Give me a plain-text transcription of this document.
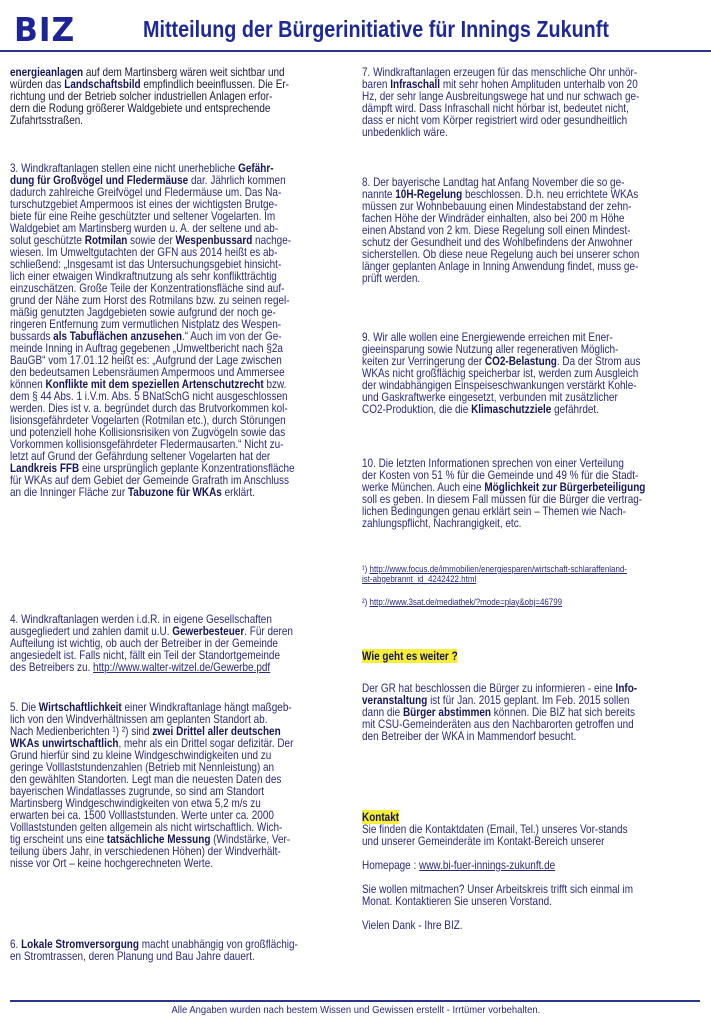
BIZ	Mitteilung der Bürgerinitiative für Innings Zukunft
energieanlagen auf dem Martinsberg wären weit sichtbar und
würden das Landschaftsbild empfindlich beeinflussen. Die Er-
richtung und der Betrieb solcher industriellen Anlagen erfor-
dern die Rodung größerer Waldgebiete und entsprechende
Zufahrtsstraßen.
3. Windkraftanlagen stellen eine nicht unerhebliche Gefähr-
dung für Großvögel und Fledermäuse dar. Jährlich kommen
dadurch zahlreiche Greifvögel und Fledermäuse um. Das Na-
turschutzgebiet Ampermoos ist eines der wichtigsten Brutge-
biete für eine Reihe geschützter und seltener Vogelarten. Im
Waldgebiet am Martinsberg wurden u. A. der seltene und ab-
solut geschützte Rotmilan sowie der Wespenbussard nachge-
wiesen. Im Umweltgutachten der GFN aus 2014 heißt es ab-
schließend: „Insgesamt ist das Untersuchungsgebiet hinsicht-
lich einer etwaigen Windkraftnutzung als sehr konfliktträchtig
einzuschätzen. Große Teile der Konzentrationsfläche sind auf-
grund der Nähe zum Horst des Rotmilans bzw. zu seinen regel-
mäßig genutzten Jagdgebieten sowie aufgrund der noch ge-
ringeren Entfernung zum vermutlichen Nistplatz des Wespen-
bussards als Tabuflächen anzusehen.“ Auch im von der Ge-
meinde Inning in Auftrag gegebenen „Umweltbericht nach §2a
BauGB“ vom 17.01.12 heißt es: „Aufgrund der Lage zwischen
den bedeutsamen Lebensräumen Ampermoos und Ammersee
können Konflikte mit dem speziellen Artenschutzrecht bzw.
dem § 44 Abs. 1 i.V.m. Abs. 5 BNatSchG nicht ausgeschlossen
werden. Dies ist v. a. begründet durch das Brutvorkommen kol-
lisionsgefährdeter Vogelarten (Rotmilan etc.), durch Störungen
und potenziell hohe Kollisionsrisiken von Zugvögeln sowie das
Vorkommen kollisionsgefährdeter Fledermausarten.“ Nicht zu-
letzt auf Grund der Gefährdung seltener Vogelarten hat der
Landkreis FFB eine ursprünglich geplante Konzentrationsfläche
für WKAs auf dem Gebiet der Gemeinde Grafrath im Anschluss
an die Inninger Fläche zur Tabuzone für WKAs erklärt.
4. Windkraftanlagen werden i.d.R. in eigene Gesellschaften
ausgegliedert und zahlen damit u.U. Gewerbesteuer. Für deren
Aufteilung ist wichtig, ob auch der Betreiber in der Gemeinde
angesiedelt ist. Falls nicht, fällt ein Teil der Standortgemeinde
des Betreibers zu. http://www.walter-witzel.de/Gewerbe.pdf
5. Die Wirtschaftlichkeit einer Windkraftanlage hängt maßgeb-
lich von den Windverhältnissen am geplanten Standort ab.
Nach Medienberichten ¹) ²) sind zwei Drittel aller deutschen
WKAs unwirtschaftlich, mehr als ein Drittel sogar defizitär. Der
Grund hierfür sind zu kleine Windgeschwindigkeiten und zu
geringe Volllaststundenzahlen (Betrieb mit Nennleistung) an
den gewählten Standorten. Legt man die neuesten Daten des
bayerischen Windatlasses zugrunde, so sind am Standort
Martinsberg Windgeschwindigkeiten von etwa 5,2 m/s zu
erwarten bei ca. 1500 Volllaststunden. Werte unter ca. 2000
Volllaststunden gelten allgemein als nicht wirtschaftlich. Wich-
tig erscheint uns eine tatsächliche Messung (Windstärke, Ver-
teilung übers Jahr, in verschiedenen Höhen) der Windverhält-
nisse vor Ort – keine hochgerechneten Werte.
6. Lokale Stromversorgung macht unabhängig von großflächig-
en Stromtrassen, deren Planung und Bau Jahre dauert.
7. Windkraftanlagen erzeugen für das menschliche Ohr unhör-
baren Infraschall mit sehr hohen Amplituden unterhalb von 20
Hz, der sehr lange Ausbreitungswege hat und nur schwach ge-
dämpft wird. Dass Infraschall nicht hörbar ist, bedeutet nicht,
dass er nicht vom Körper registriert wird oder gesundheitlich
unbedenklich wäre.
8. Der bayerische Landtag hat Anfang November die so ge-
nannte 10H-Regelung beschlossen. D.h. neu errichtete WKAs
müssen zur Wohnbebauung einen Mindestabstand der zehn-
fachen Höhe der Windräder einhalten, also bei 200 m Höhe
einen Abstand von 2 km. Diese Regelung soll einen Mindest-
schutz der Gesundheit und des Wohlbefindens der Anwohner
sicherstellen. Ob diese neue Regelung auch bei unserer schon
länger geplanten Anlage in Inning Anwendung findet, muss ge-
prüft werden.
9. Wir alle wollen eine Energiewende erreichen mit Ener-
gieeinsparung sowie Nutzung aller regenerativen Möglich-
keiten zur Verringerung der CO2-Belastung. Da der Strom aus
WKAs nicht großflächig speicherbar ist, werden zum Ausgleich
der windabhängigen Einspeiseschwankungen verstärkt Kohle-
und Gaskraftwerke eingesetzt, verbunden mit zusätzlicher
CO2-Produktion, die die Klimaschutzziele gefährdet.
10. Die letzten Informationen sprechen von einer Verteilung
der Kosten von 51 % für die Gemeinde und 49 % für die Stadt-
werke München. Auch eine Möglichkeit zur Bürgerbeteiligung
soll es geben. In diesem Fall müssen für die Bürger die vertrag-
lichen Bedingungen genau erklärt sein – Themen wie Nach-
zahlungspflicht, Nachrangigkeit, etc.
¹) http://www.focus.de/immobilien/energiesparen/wirtschaft-schlaraffenland-
ist-abgebrannt_id_4242422.html
²) http://www.3sat.de/mediathek/?mode=play&obj=46799
Wie geht es weiter ?
Der GR hat beschlossen die Bürger zu informieren - eine Info-
veranstaltung ist für Jan. 2015 geplant. Im Feb. 2015 sollen
dann die Bürger abstimmen können. Die BIZ hat sich bereits
mit CSU-Gemeinderäten aus den Nachbarorten getroffen und
den Betreiber der WKA in Mammendorf besucht.
Kontakt
Sie finden die Kontaktdaten (Email, Tel.) unseres Vor-stands
und unserer Gemeinderäte im Kontakt-Bereich unserer

Homepage : www.bi-fuer-innings-zukunft.de

Sie wollen mitmachen? Unser Arbeitskreis trifft sich einmal im
Monat. Kontaktieren Sie unseren Vorstand.

Vielen Dank - Ihre BIZ.
Alle Angaben wurden nach bestem Wissen und Gewissen erstellt - Irrtümer vorbehalten.
